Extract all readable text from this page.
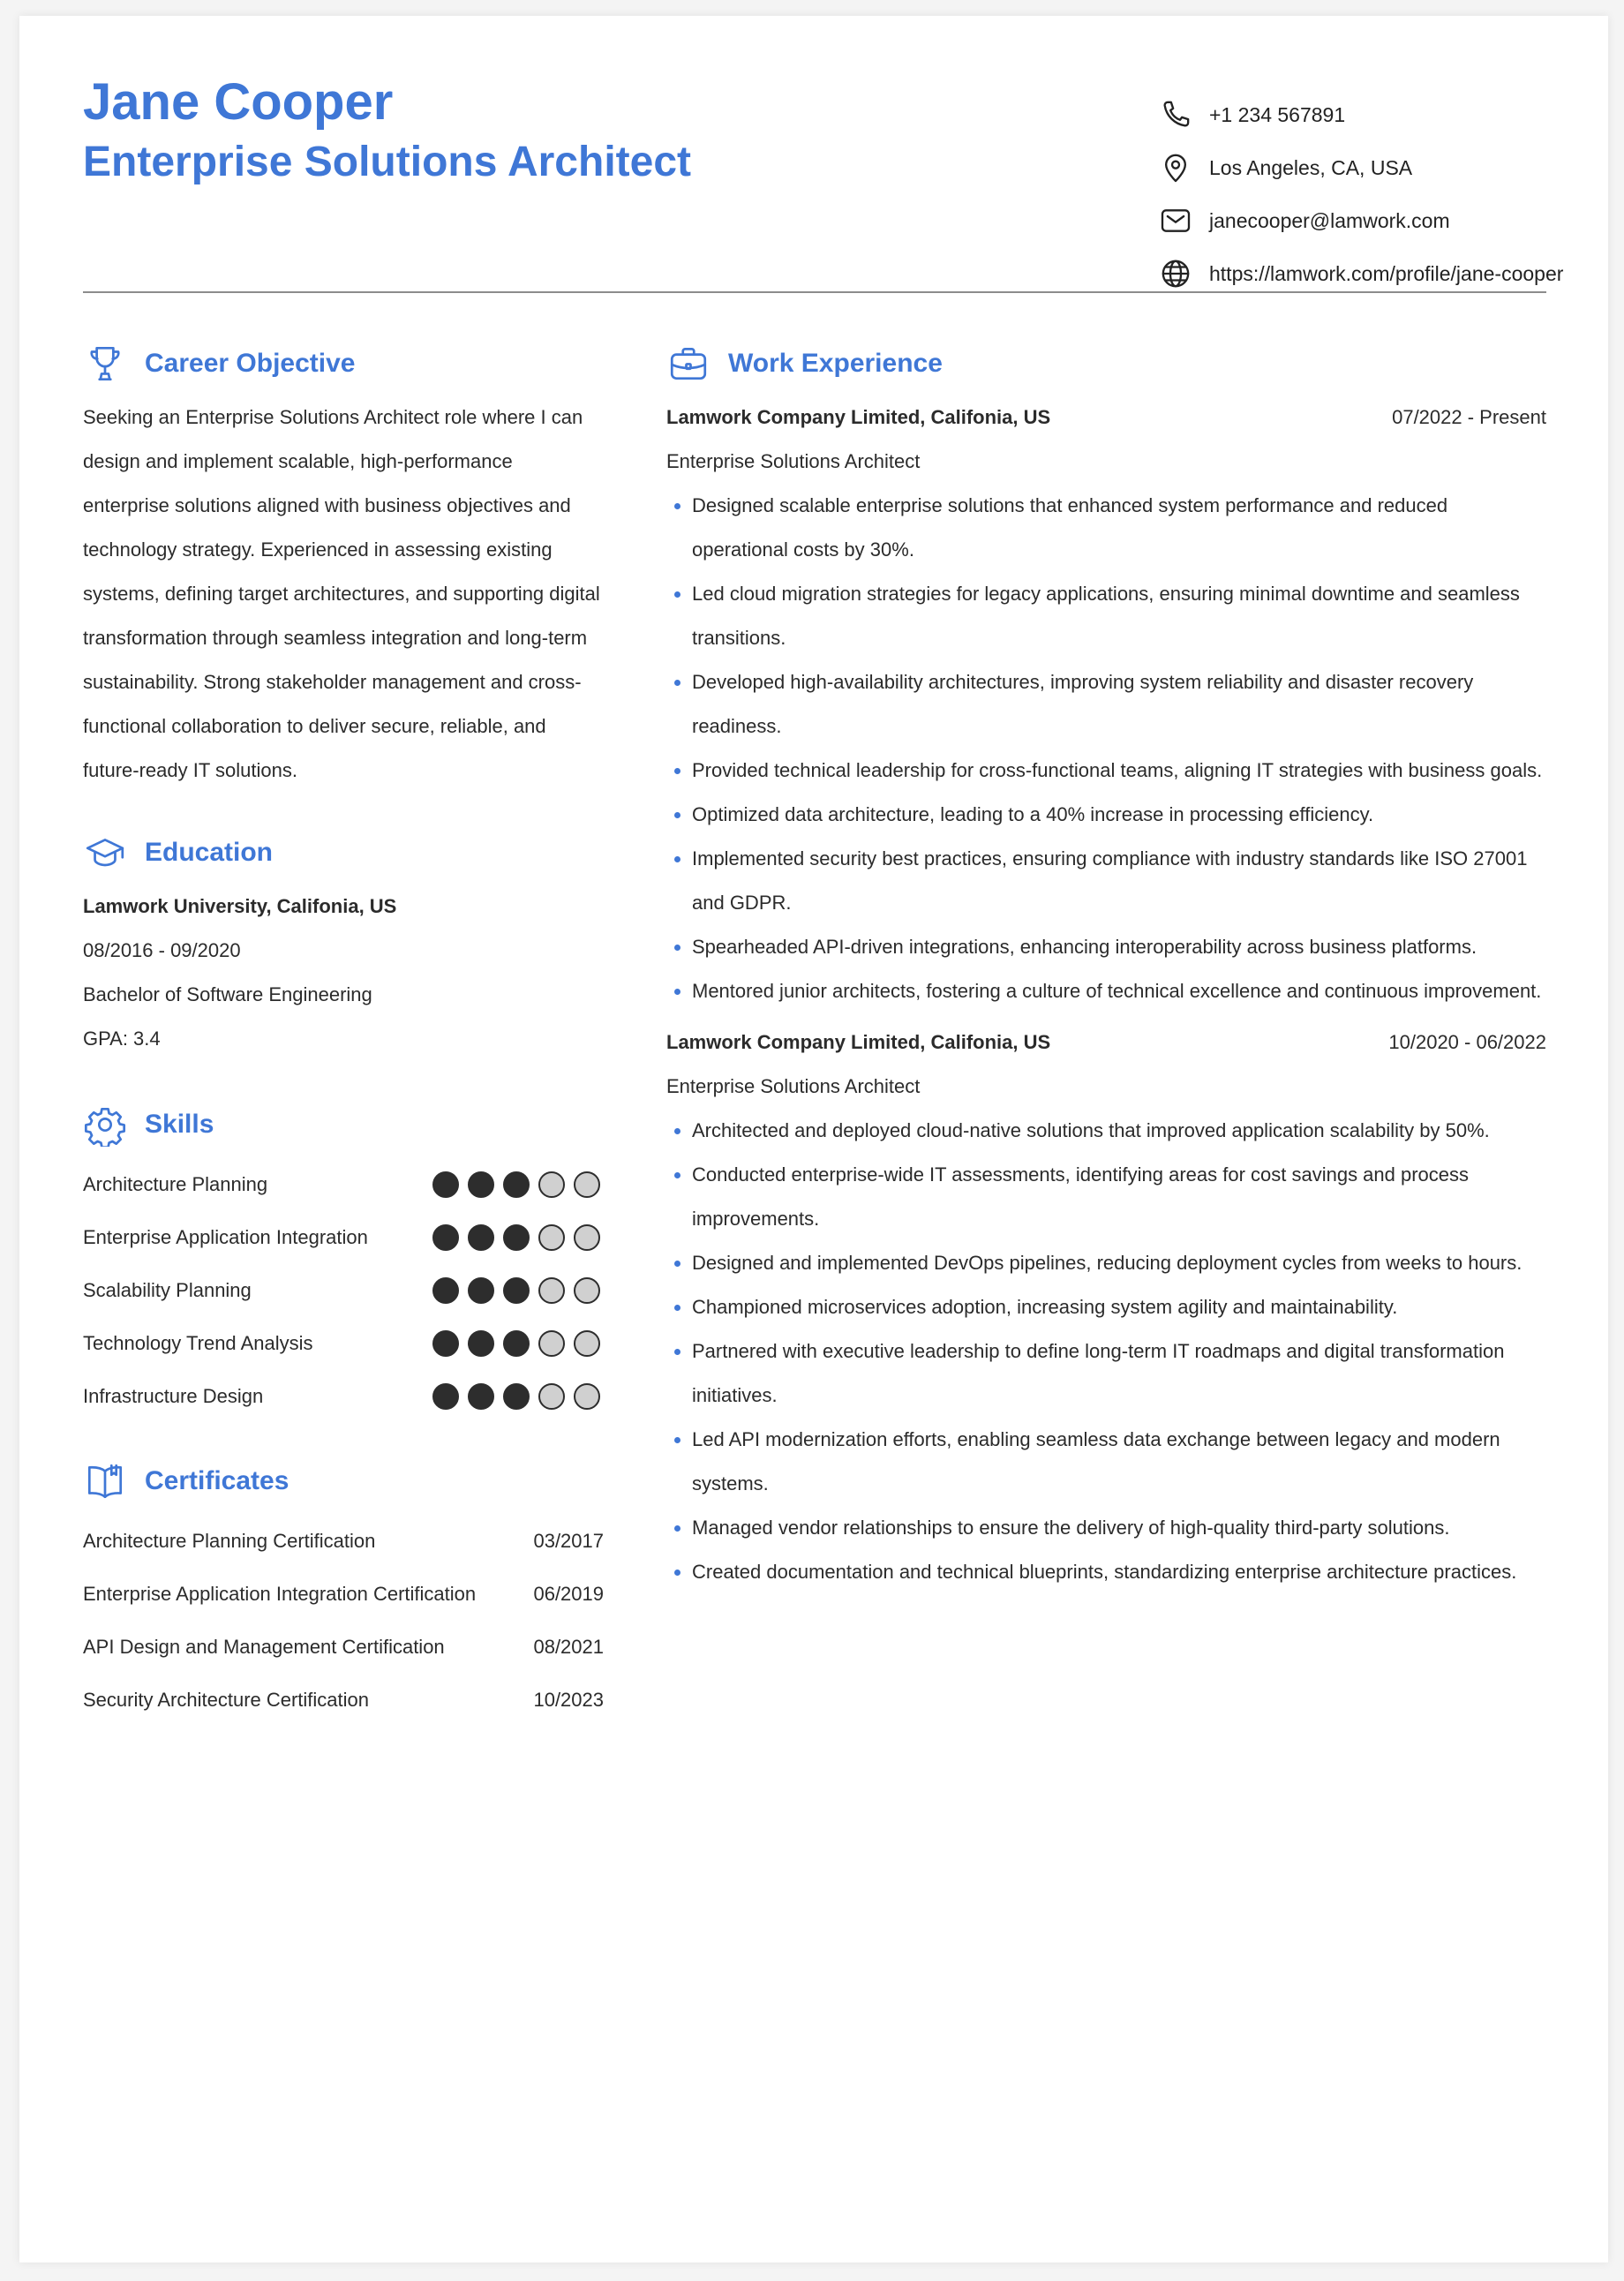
Jane Cooper
Enterprise Solutions Architect
+1 234 567891
Los Angeles, CA, USA
janecooper@lamwork.com
https://lamwork.com/profile/jane-cooper
Career Objective
Seeking an Enterprise Solutions Architect role where I can design and implement scalable, high-performance enterprise solutions aligned with business objectives and technology strategy. Experienced in assessing existing systems, defining target architectures, and supporting digital transformation through seamless integration and long-term sustainability. Strong stakeholder management and cross-functional collaboration to deliver secure, reliable, and future-ready IT solutions.
Education
Lamwork University, Califonia, US
08/2016 - 09/2020
Bachelor of Software Engineering
GPA: 3.4
Skills
Architecture Planning
Enterprise Application Integration
Scalability Planning
Technology Trend Analysis
Infrastructure Design
Certificates
Architecture Planning Certification	03/2017
Enterprise Application Integration Certification	06/2019
API Design and Management Certification	08/2021
Security Architecture Certification	10/2023
Work Experience
Lamwork Company Limited, Califonia, US	07/2022 - Present
Enterprise Solutions Architect
Designed scalable enterprise solutions that enhanced system performance and reduced operational costs by 30%.
Led cloud migration strategies for legacy applications, ensuring minimal downtime and seamless transitions.
Developed high-availability architectures, improving system reliability and disaster recovery readiness.
Provided technical leadership for cross-functional teams, aligning IT strategies with business goals.
Optimized data architecture, leading to a 40% increase in processing efficiency.
Implemented security best practices, ensuring compliance with industry standards like ISO 27001 and GDPR.
Spearheaded API-driven integrations, enhancing interoperability across business platforms.
Mentored junior architects, fostering a culture of technical excellence and continuous improvement.
Lamwork Company Limited, Califonia, US	10/2020 - 06/2022
Enterprise Solutions Architect
Architected and deployed cloud-native solutions that improved application scalability by 50%.
Conducted enterprise-wide IT assessments, identifying areas for cost savings and process improvements.
Designed and implemented DevOps pipelines, reducing deployment cycles from weeks to hours.
Championed microservices adoption, increasing system agility and maintainability.
Partnered with executive leadership to define long-term IT roadmaps and digital transformation initiatives.
Led API modernization efforts, enabling seamless data exchange between legacy and modern systems.
Managed vendor relationships to ensure the delivery of high-quality third-party solutions.
Created documentation and technical blueprints, standardizing enterprise architecture practices.
